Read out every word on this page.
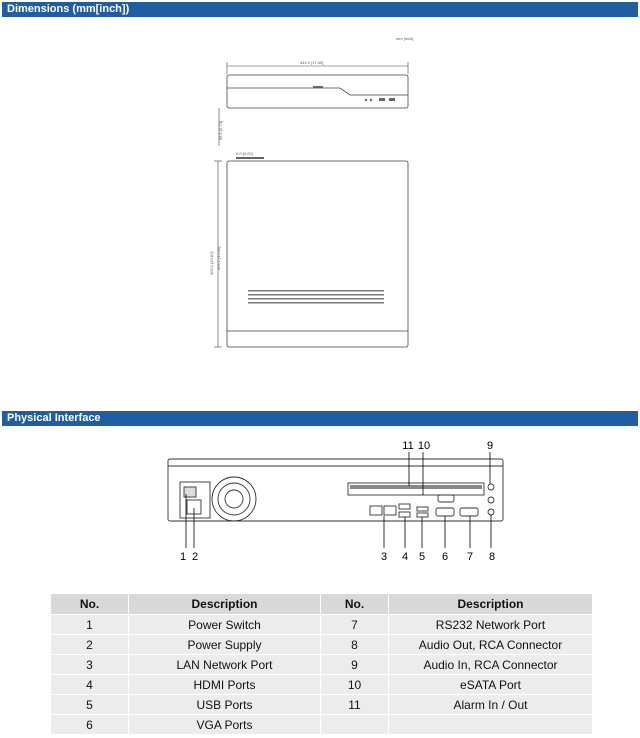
Dimensions (mm[inch])
mm [inch]
442.0 [17.40]
69.5 [2.74]
403.1 [15.87] 406.5 [16.00]
0.0 [0.00]
Physical Interface
1 2	3 4 5 6 7 8
9
10
11
No.	Description	No.	Description
1	Power Switch	7	RS232 Network Port
2	Power Supply	8	Audio Out, RCA Connector
3	LAN Network Port	9	Audio In, RCA Connector
4	HDMI Ports	10	eSATA Port
5	USB Ports	11	Alarm In / Out
6	VGA Ports		
